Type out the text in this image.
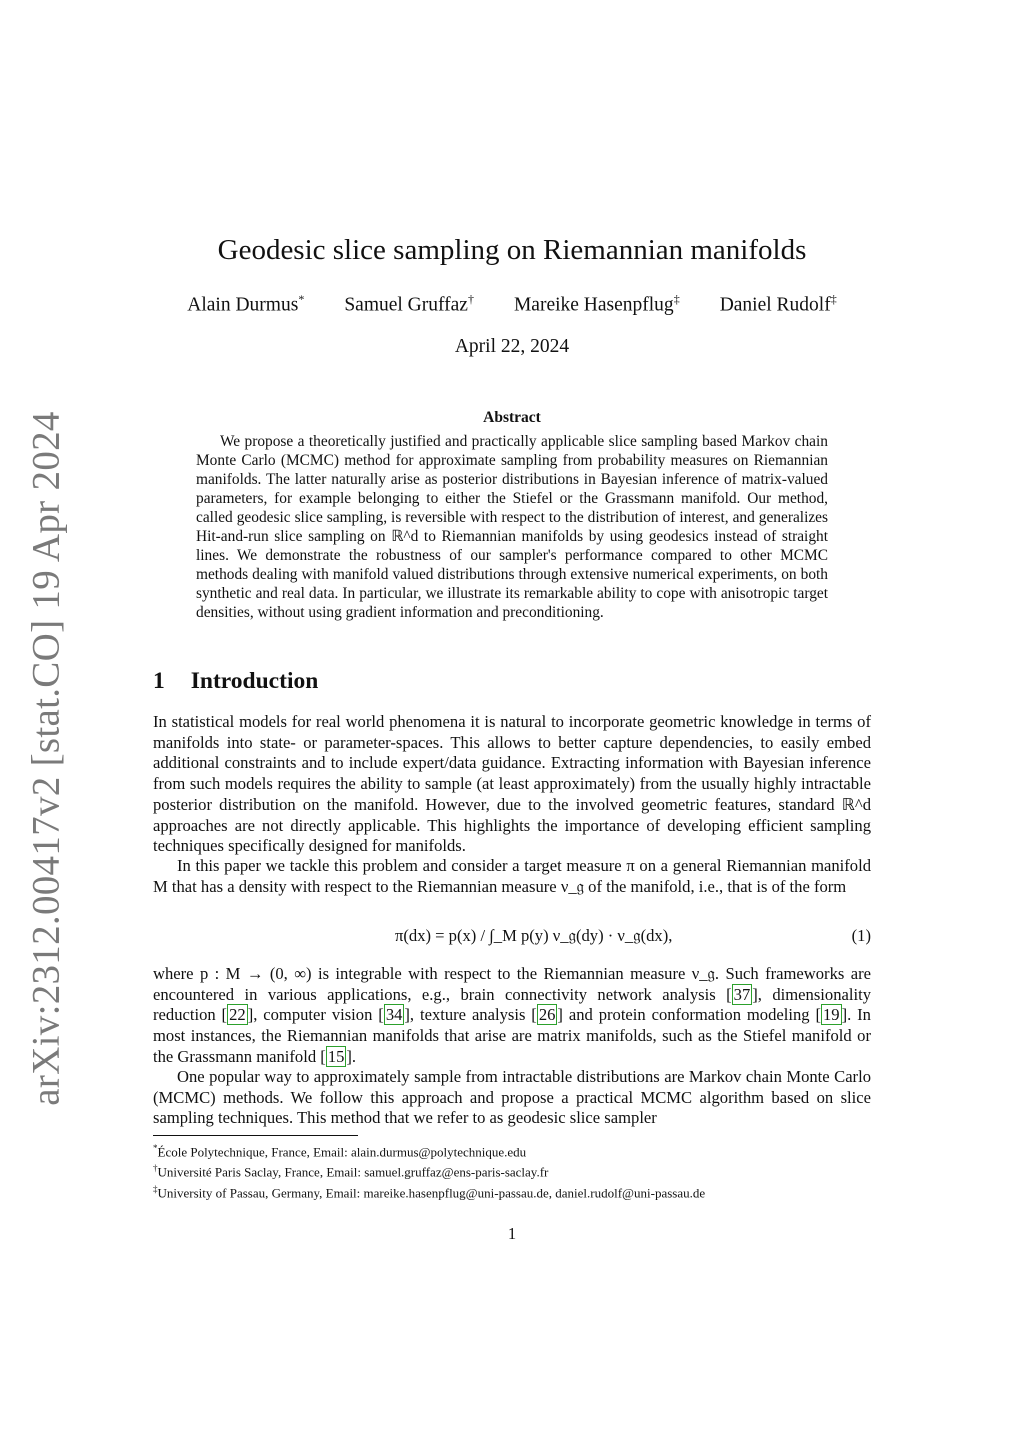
arXiv:2312.00417v2 [stat.CO] 19 Apr 2024
Geodesic slice sampling on Riemannian manifolds
Alain Durmus* Samuel Gruffaz† Mareike Hasenpflug‡ Daniel Rudolf‡
April 22, 2024
Abstract

We propose a theoretically justified and practically applicable slice sampling based Markov chain Monte Carlo (MCMC) method for approximate sampling from probability measures on Riemannian manifolds. The latter naturally arise as posterior distributions in Bayesian inference of matrix-valued parameters, for example belonging to either the Stiefel or the Grassmann manifold. Our method, called geodesic slice sampling, is reversible with respect to the distribution of interest, and generalizes Hit-and-run slice sampling on ℝ^d to Riemannian manifolds by using geodesics instead of straight lines. We demonstrate the robustness of our sampler's performance compared to other MCMC methods dealing with manifold valued distributions through extensive numerical experiments, on both synthetic and real data. In particular, we illustrate its remarkable ability to cope with anisotropic target densities, without using gradient information and preconditioning.

1 Introduction

In statistical models for real world phenomena it is natural to incorporate geometric knowledge in terms of manifolds into state- or parameter-spaces. This allows to better capture dependencies, to easily embed additional constraints and to include expert/data guidance. Extracting information with Bayesian inference from such models requires the ability to sample (at least approximately) from the usually highly intractable posterior distribution on the manifold. However, due to the involved geometric features, standard ℝ^d approaches are not directly applicable. This highlights the importance of developing efficient sampling techniques specifically designed for manifolds.

In this paper we tackle this problem and consider a target measure π on a general Riemannian manifold M that has a density with respect to the Riemannian measure ν_𝔤 of the manifold, i.e., that is of the form

π(dx) = p(x) / ∫_M p(y) ν_𝔤(dy) · ν_𝔤(dx),	(1)

where p : M → (0, ∞) is integrable with respect to the Riemannian measure ν_𝔤. Such frameworks are encountered in various applications, e.g., brain connectivity network analysis [ 37 ], dimensionality reduction [ 22 ], computer vision [ 34 ], texture analysis [ 26 ] and protein conformation modeling [ 19 ]. In most instances, the Riemannian manifolds that arise are matrix manifolds, such as the Stiefel manifold or the Grassmann manifold [ 15 ].

One popular way to approximately sample from intractable distributions are Markov chain Monte Carlo (MCMC) methods. We follow this approach and propose a practical MCMC algorithm based on slice sampling techniques. This method that we refer to as geodesic slice sampler

*École Polytechnique, France, Email: alain.durmus@polytechnique.edu
†Université Paris Saclay, France, Email: samuel.gruffaz@ens-paris-saclay.fr
‡University of Passau, Germany, Email: mareike.hasenpflug@uni-passau.de, daniel.rudolf@uni-passau.de
1
